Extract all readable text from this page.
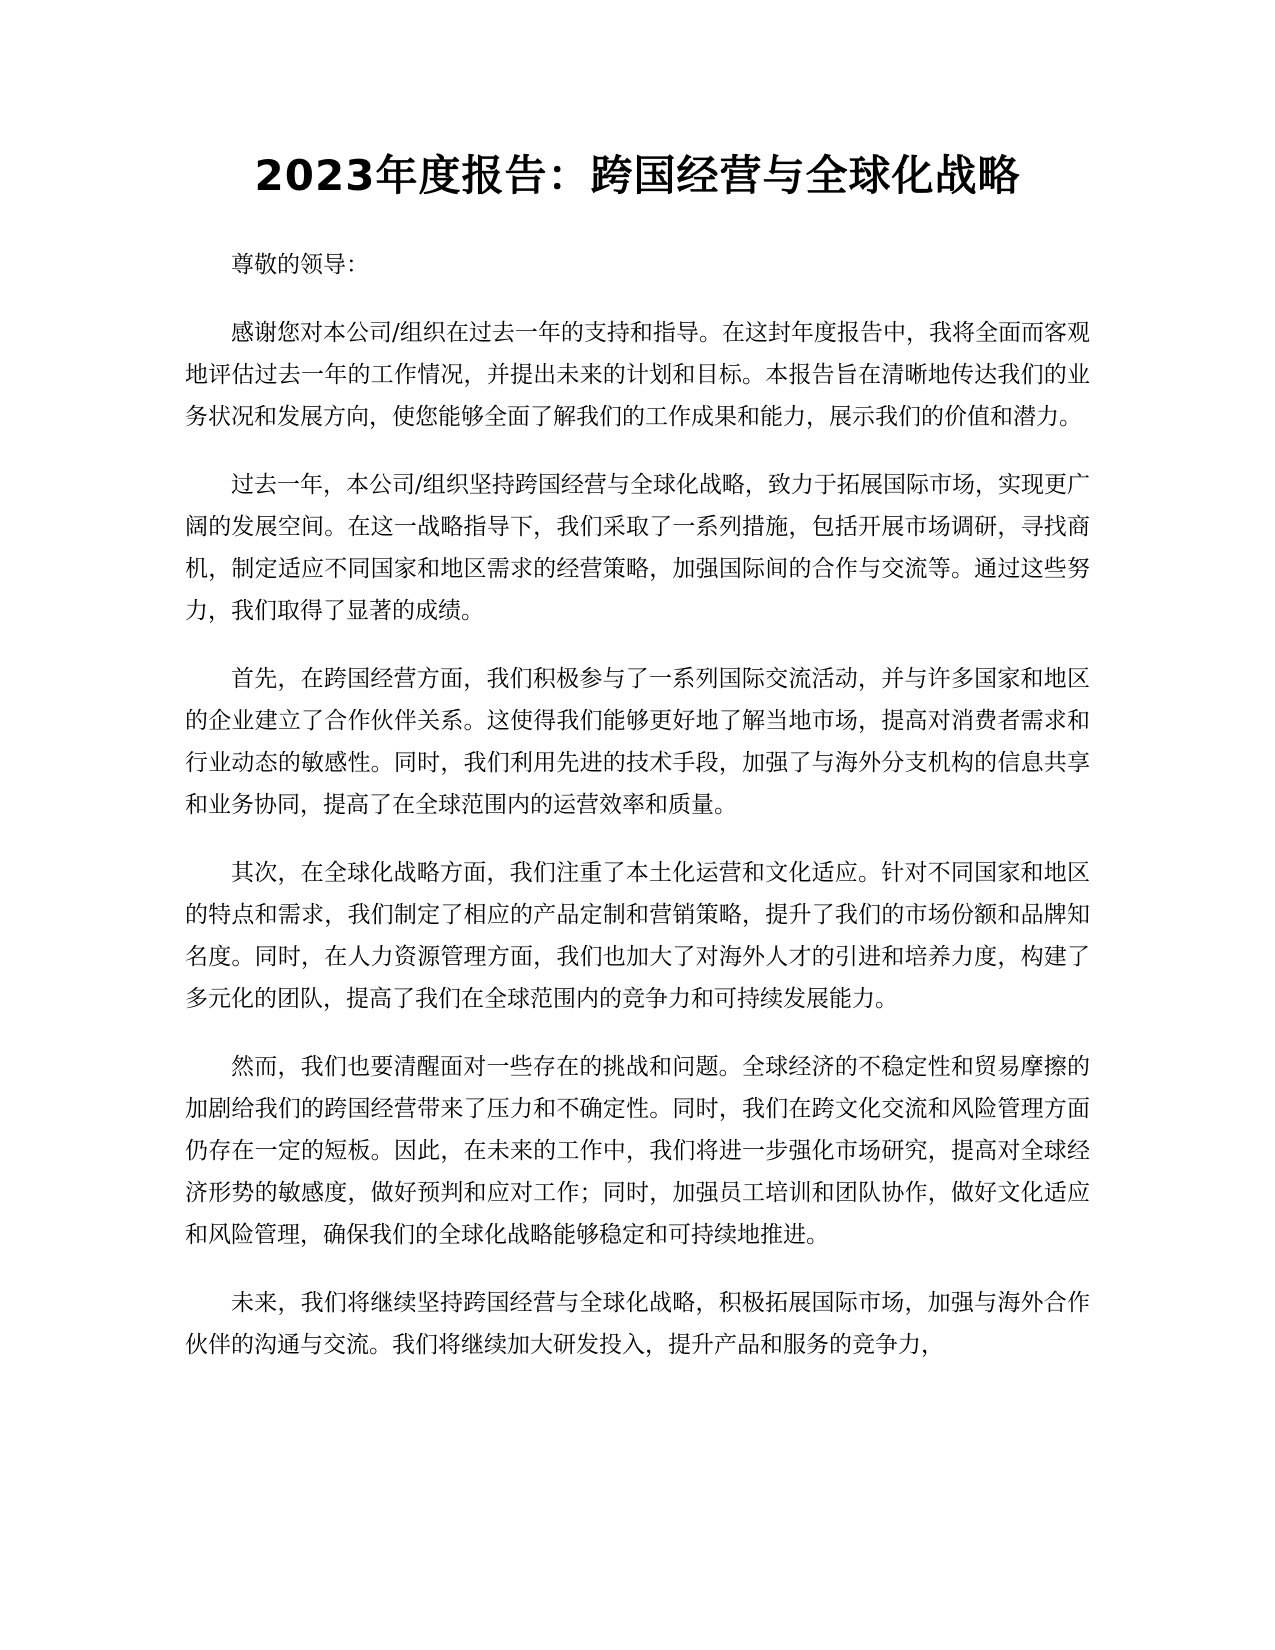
2023年度报告：跨国经营与全球化战略

尊敬的领导：

感谢您对本公司/组织在过去一年的支持和指导。在这封年度报告中，我将全面而客观地评估过去一年的工作情况，并提出未来的计划和目标。本报告旨在清晰地传达我们的业务状况和发展方向，使您能够全面了解我们的工作成果和能力，展示我们的价值和潜力。

过去一年，本公司/组织坚持跨国经营与全球化战略，致力于拓展国际市场，实现更广阔的发展空间。在这一战略指导下，我们采取了一系列措施，包括开展市场调研，寻找商机，制定适应不同国家和地区需求的经营策略，加强国际间的合作与交流等。通过这些努力，我们取得了显著的成绩。

首先，在跨国经营方面，我们积极参与了一系列国际交流活动，并与许多国家和地区的企业建立了合作伙伴关系。这使得我们能够更好地了解当地市场，提高对消费者需求和行业动态的敏感性。同时，我们利用先进的技术手段，加强了与海外分支机构的信息共享和业务协同，提高了在全球范围内的运营效率和质量。

其次，在全球化战略方面，我们注重了本土化运营和文化适应。针对不同国家和地区的特点和需求，我们制定了相应的产品定制和营销策略，提升了我们的市场份额和品牌知名度。同时，在人力资源管理方面，我们也加大了对海外人才的引进和培养力度，构建了多元化的团队，提高了我们在全球范围内的竞争力和可持续发展能力。

然而，我们也要清醒面对一些存在的挑战和问题。全球经济的不稳定性和贸易摩擦的加剧给我们的跨国经营带来了压力和不确定性。同时，我们在跨文化交流和风险管理方面仍存在一定的短板。因此，在未来的工作中，我们将进一步强化市场研究，提高对全球经济形势的敏感度，做好预判和应对工作；同时，加强员工培训和团队协作，做好文化适应和风险管理，确保我们的全球化战略能够稳定和可持续地推进。

未来，我们将继续坚持跨国经营与全球化战略，积极拓展国际市场，加强与海外合作伙伴的沟通与交流。我们将继续加大研发投入，提升产品和服务的竞争力，
